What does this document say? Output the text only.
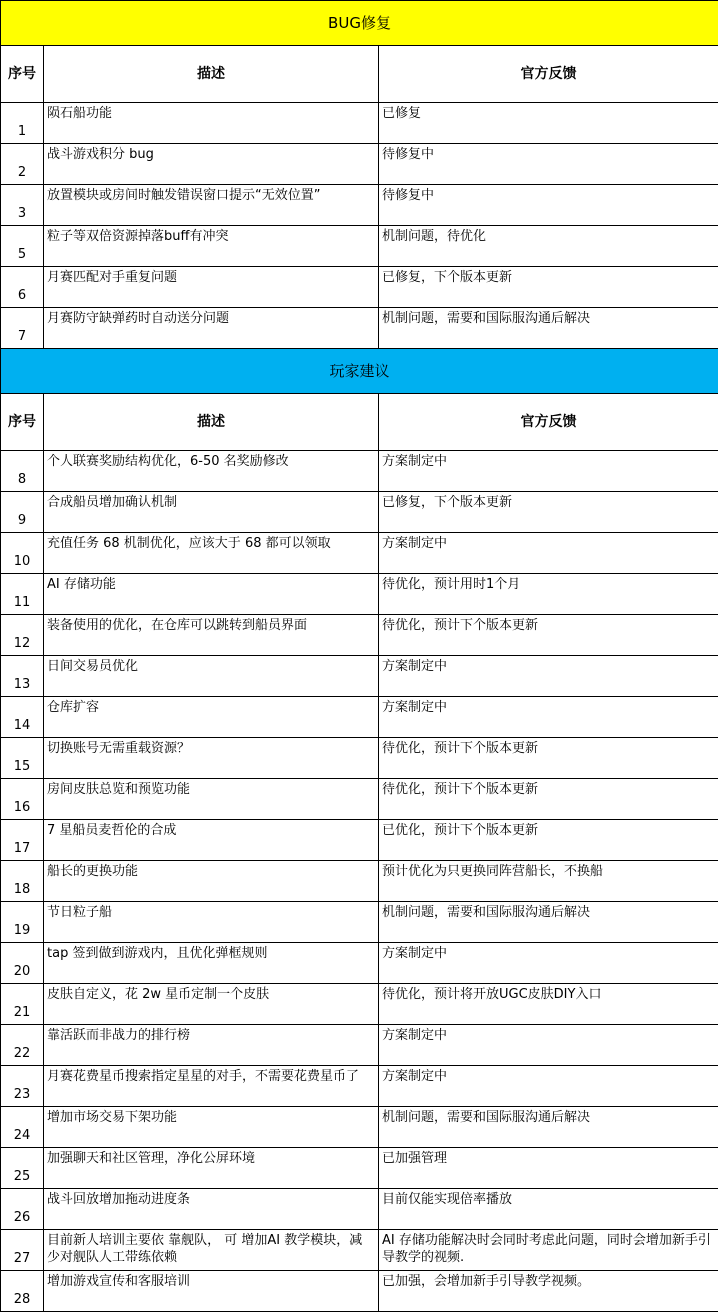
BUG修复		
序号	描述	官方反馈
1	陨石船功能	已修复
2	战斗游戏积分 bug	待修复中
3	放置模块或房间时触发错误窗口提示“无效位置”	待修复中
5	粒子等双倍资源掉落buff有冲突	机制问题，待优化
6	月赛匹配对手重复问题	已修复，下个版本更新
7	月赛防守缺弹药时自动送分问题	机制问题，需要和国际服沟通后解决
玩家建议		
序号	描述	官方反馈
8	个人联赛奖励结构优化，6-50 名奖励修改	方案制定中
9	合成船员增加确认机制	已修复，下个版本更新
10	充值任务 68 机制优化，应该大于 68 都可以领取	方案制定中
11	AI 存储功能	待优化，预计用时1个月
12	装备使用的优化，在仓库可以跳转到船员界面	待优化，预计下个版本更新
13	日间交易员优化	方案制定中
14	仓库扩容	方案制定中
15	切换账号无需重载资源？	待优化，预计下个版本更新
16	房间皮肤总览和预览功能	待优化，预计下个版本更新
17	7 星船员麦哲伦的合成	已优化，预计下个版本更新
18	船长的更换功能	预计优化为只更换同阵营船长，不换船
19	节日粒子船	机制问题，需要和国际服沟通后解决
20	tap 签到做到游戏内，且优化弹框规则	方案制定中
21	皮肤自定义，花 2w 星币定制一个皮肤	待优化，预计将开放UGC皮肤DIY入口
22	靠活跃而非战力的排行榜	方案制定中
23	月赛花费星币搜索指定星星的对手，不需要花费星币了	方案制定中
24	增加市场交易下架功能	机制问题，需要和国际服沟通后解决
25	加强聊天和社区管理，净化公屏环境	已加强管理
26	战斗回放增加拖动进度条	目前仅能实现倍率播放
27	目前新人培训主要依 靠舰队， 可 增加AI 教学模块，减少对舰队人工带练依赖	AI 存储功能解决时会同时考虑此问题，同时会增加新手引导教学的视频.
28	增加游戏宣传和客服培训	已加强，会增加新手引导教学视频。
